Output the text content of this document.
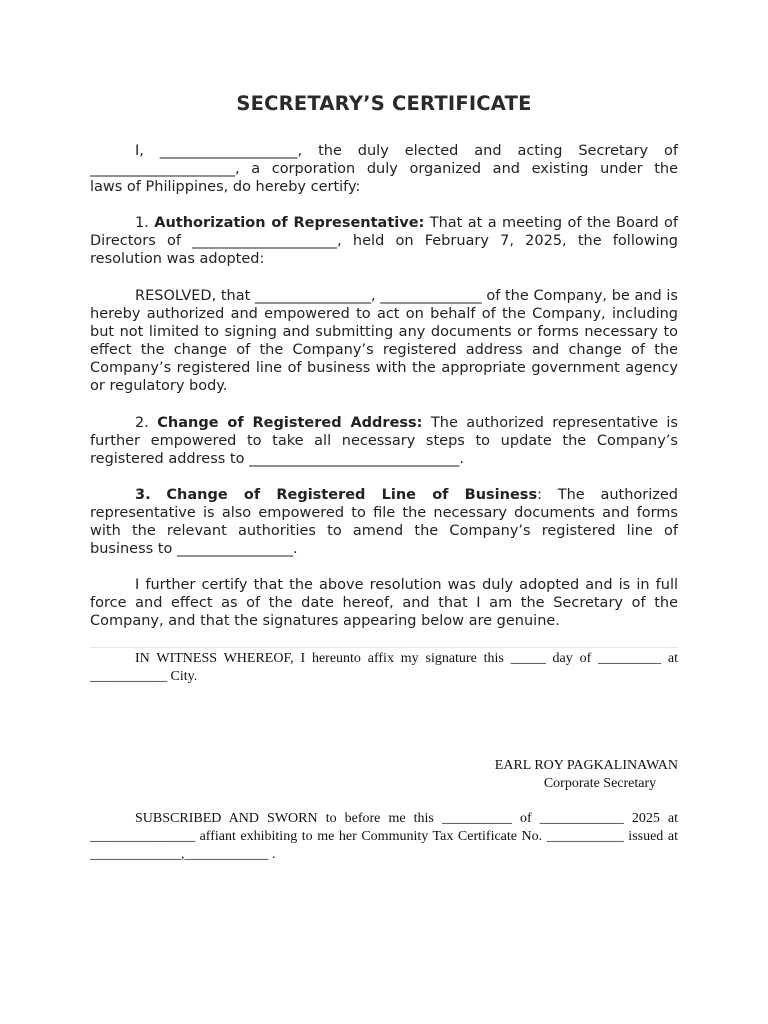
SECRETARY’S CERTIFICATE
I, ___________________, the duly elected and acting Secretary of
____________________, a corporation duly organized and existing under the
laws of Philippines, do hereby certify:
1. Authorization of Representative: That at a meeting of the Board of Directors of ____________________, held on February 7, 2025, the following resolution was adopted:
RESOLVED, that ________________, ______________ of the Company, be and is hereby authorized and empowered to act on behalf of the Company, including but not limited to signing and submitting any documents or forms necessary to effect the change of the Company’s registered address and change of the Company’s registered line of business with the appropriate government agency or regulatory body.
2. Change of Registered Address: The authorized representative is further empowered to take all necessary steps to update the Company’s registered address to _____________________________.
3. Change of Registered Line of Business: The authorized representative is also empowered to file the necessary documents and forms with the relevant authorities to amend the Company’s registered line of business to ________________.
I further certify that the above resolution was duly adopted and is in full force and effect as of the date hereof, and that I am the Secretary of the Company, and that the signatures appearing below are genuine.
IN WITNESS WHEREOF, I hereunto affix my signature this _____ day of _________ at ___________ City.
EARL ROY PAGKALINAWAN
Corporate Secretary
SUBSCRIBED AND SWORN to before me this __________ of ____________ 2025 at _______________ affiant exhibiting to me her Community Tax Certificate No. ___________ issued at _____________,____________ .
